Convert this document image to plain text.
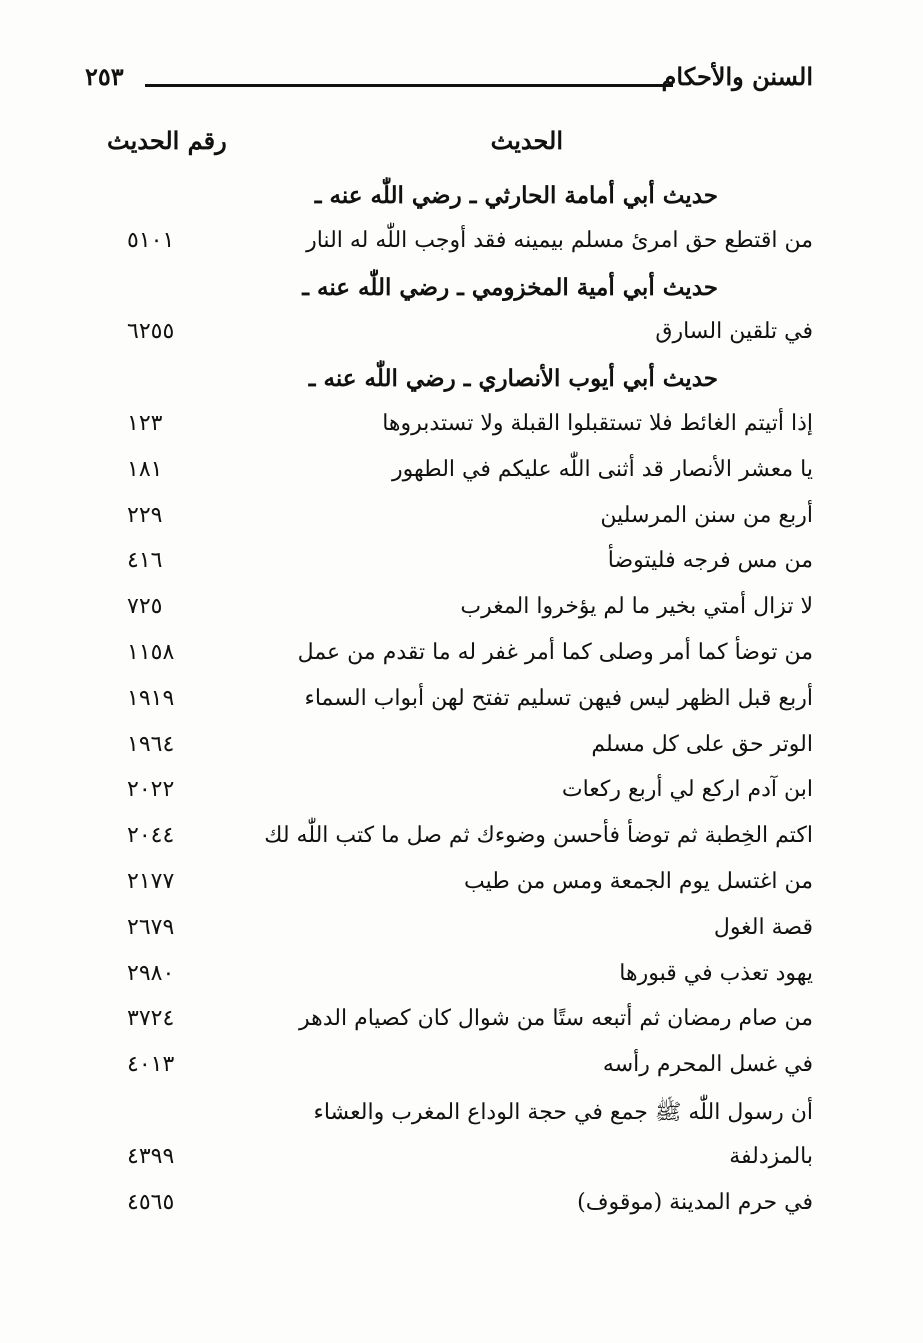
السنن والأحكام
٢٥٣
الحديث
رقم الحديث
حديث أبي أمامة الحارثي ـ رضي اللّٰه عنه ـ
من اقتطع حق امرئ مسلم بيمينه فقد أوجب اللّٰه له النار
٥١٠١
حديث أبي أمية المخزومي ـ رضي اللّٰه عنه ـ
في تلقين السارق
٦٢٥٥
حديث أبي أيوب الأنصاري ـ رضي اللّٰه عنه ـ
إذا أتيتم الغائط فلا تستقبلوا القبلة ولا تستدبروها
١٢٣
يا معشر الأنصار قد أثنى اللّٰه عليكم في الطهور
١٨١
أربع من سنن المرسلين
٢٢٩
من مس فرجه فليتوضأ
٤١٦
لا تزال أمتي بخير ما لم يؤخروا المغرب
٧٢٥
من توضأ كما أمر وصلى كما أمر غفر له ما تقدم من عمل
١١٥٨
أربع قبل الظهر ليس فيهن تسليم تفتح لهن أبواب السماء
١٩١٩
الوتر حق على كل مسلم
١٩٦٤
ابن آدم اركع لي أربع ركعات
٢٠٢٢
اكتم الخِطبة ثم توضأ فأحسن وضوءك ثم صل ما كتب اللّٰه لك
٢٠٤٤
من اغتسل يوم الجمعة ومس من طيب
٢١٧٧
قصة الغول
٢٦٧٩
يهود تعذب في قبورها
٢٩٨٠
من صام رمضان ثم أتبعه ستًا من شوال كان كصيام الدهر
٣٧٢٤
في غسل المحرم رأسه
٤٠١٣
أن رسول اللّٰه ﷺ جمع في حجة الوداع المغرب والعشاء
بالمزدلفة
٤٣٩٩
في حرم المدينة (موقوف)
٤٥٦٥
